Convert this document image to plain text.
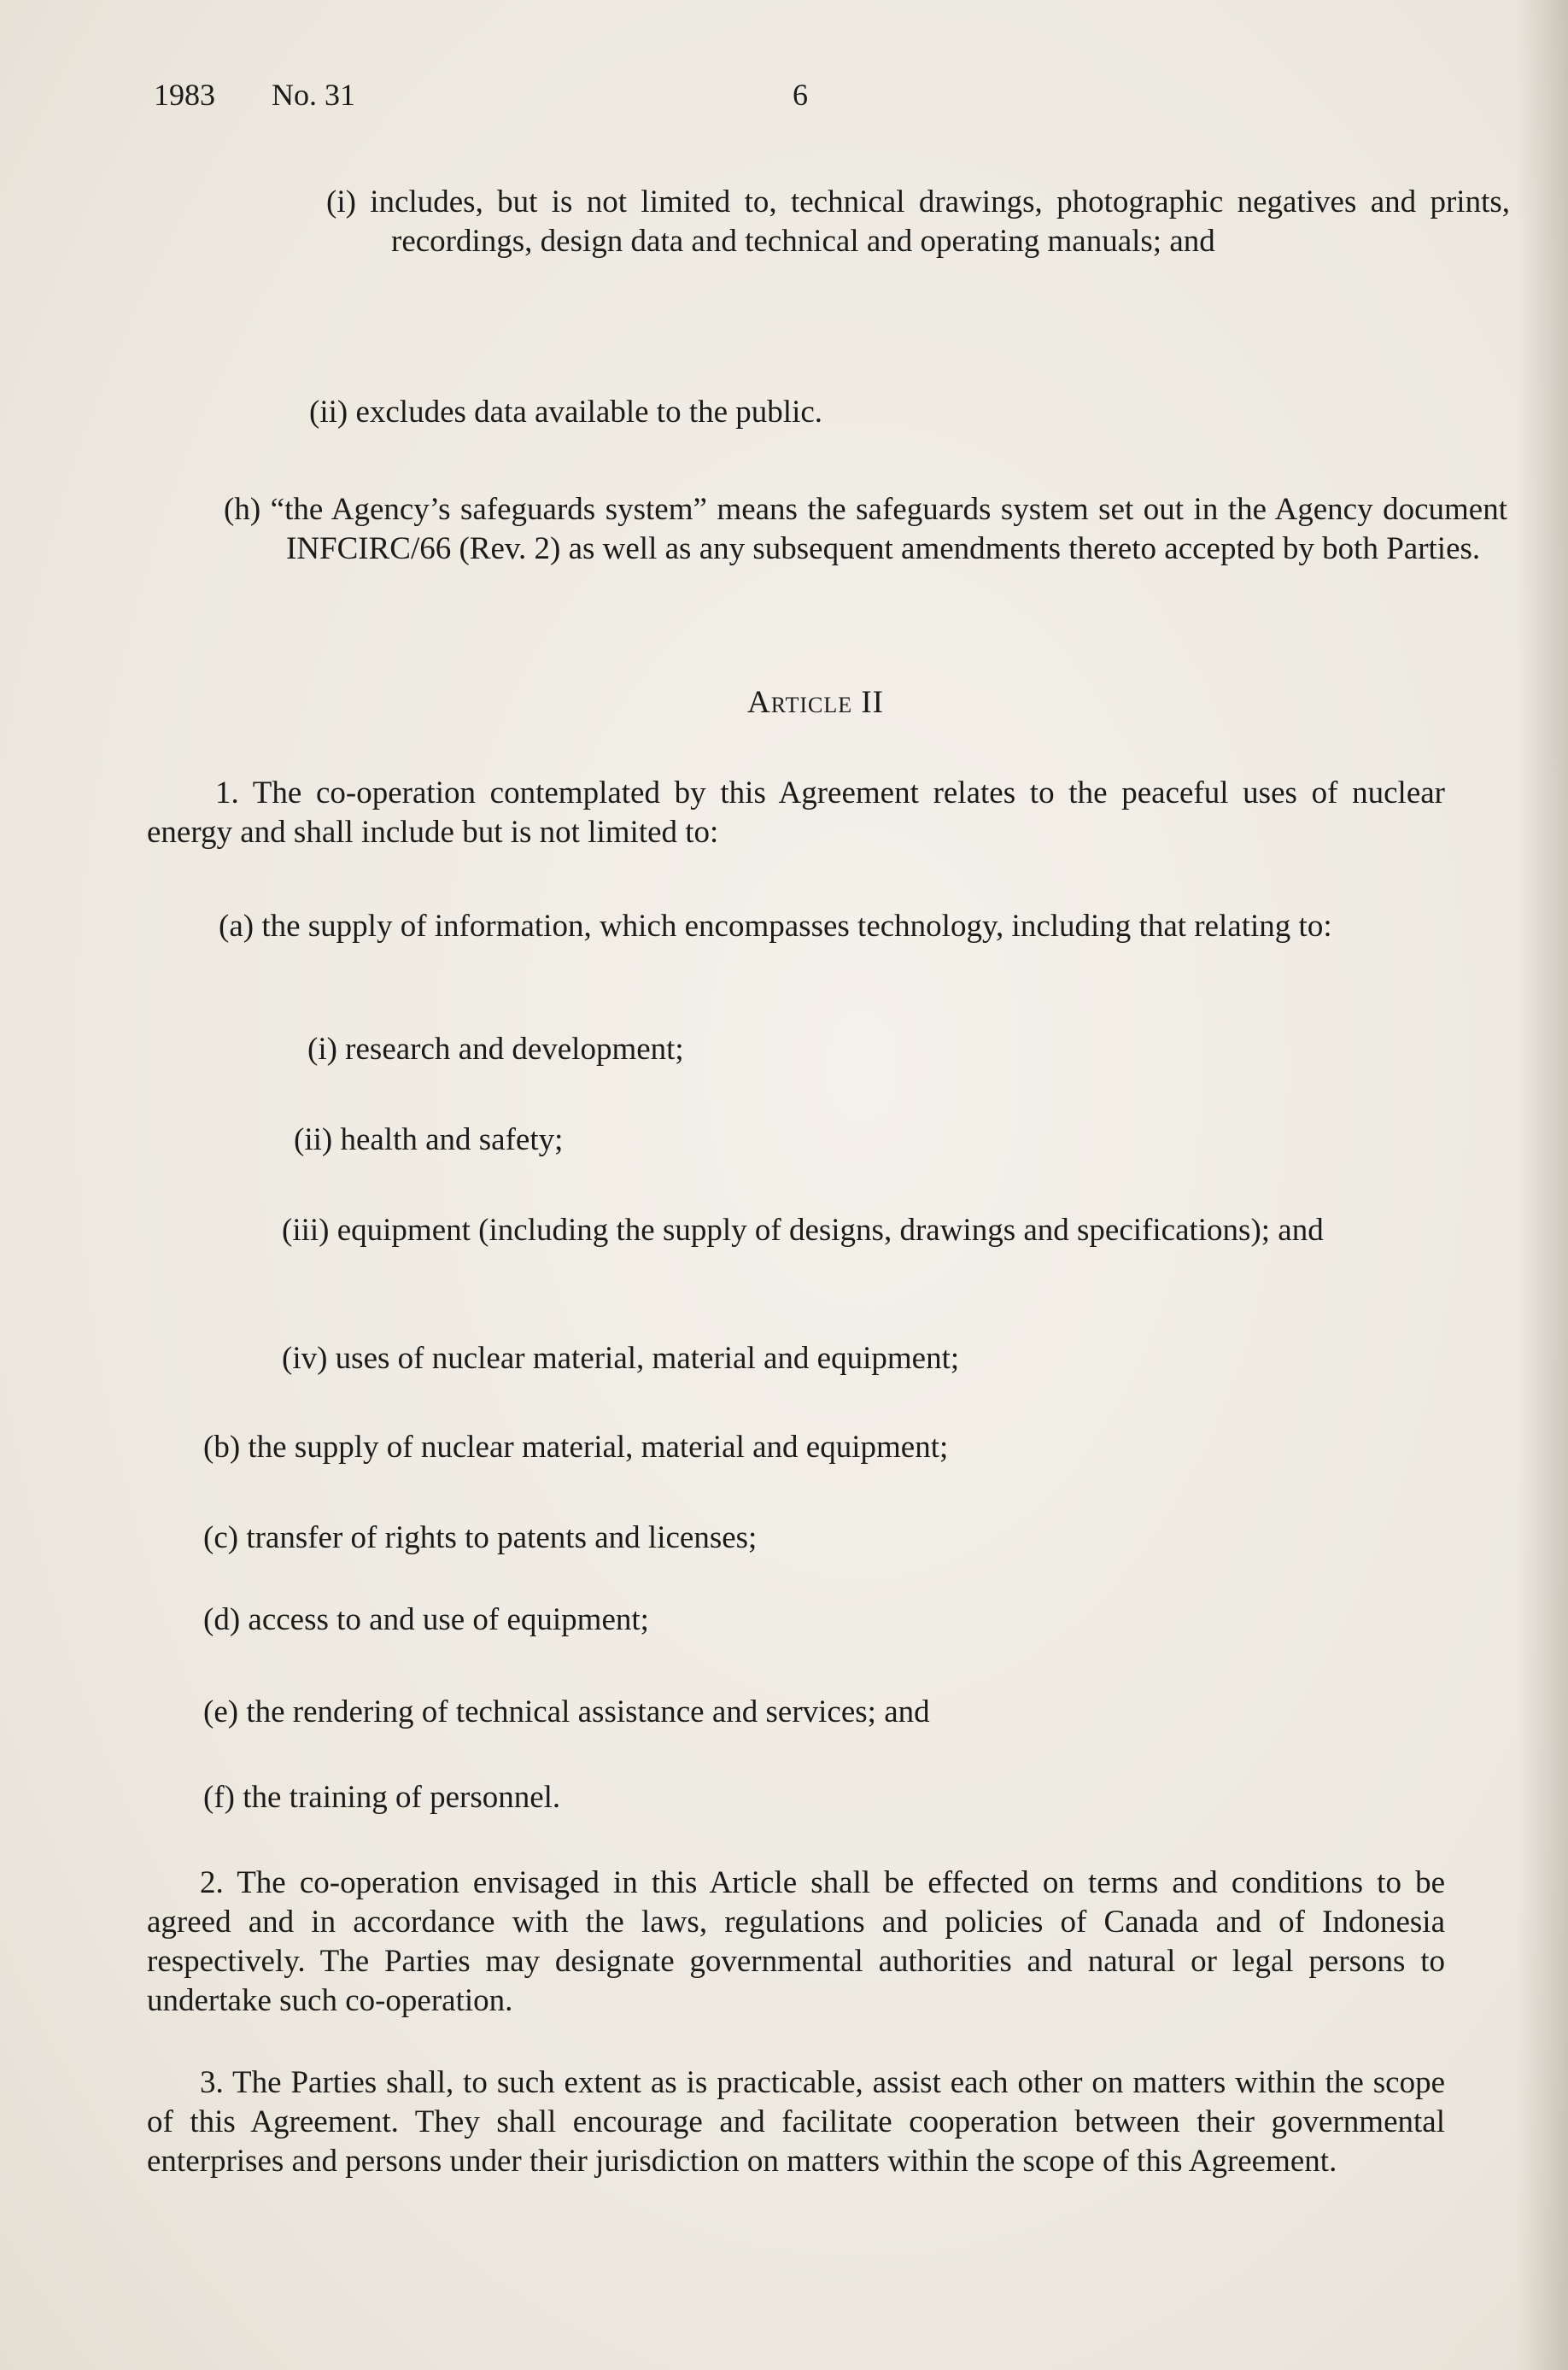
1983 No. 31	6

(i) includes, but is not limited to, technical drawings, photographic negatives and prints, recordings, design data and technical and operating manuals; and

(ii) excludes data available to the public.

(h) “the Agency’s safeguards system” means the safeguards system set out in the Agency document INFCIRC/66 (Rev. 2) as well as any subsequent amendments thereto accepted by both Parties.

Article II

1. The co-operation contemplated by this Agreement relates to the peaceful uses of nuclear energy and shall include but is not limited to:

(a) the supply of information, which encompasses technology, including that relating to:

(i) research and development;

(ii) health and safety;

(iii) equipment (including the supply of designs, drawings and specifications); and

(iv) uses of nuclear material, material and equipment;

(b) the supply of nuclear material, material and equipment;

(c) transfer of rights to patents and licenses;

(d) access to and use of equipment;

(e) the rendering of technical assistance and services; and

(f) the training of personnel.

2. The co-operation envisaged in this Article shall be effected on terms and conditions to be agreed and in accordance with the laws, regulations and policies of Canada and of Indonesia respectively. The Parties may designate governmental authorities and natural or legal persons to undertake such co-operation.

3. The Parties shall, to such extent as is practicable, assist each other on matters within the scope of this Agreement. They shall encourage and facilitate cooperation between their governmental enterprises and persons under their jurisdiction on matters within the scope of this Agreement.
